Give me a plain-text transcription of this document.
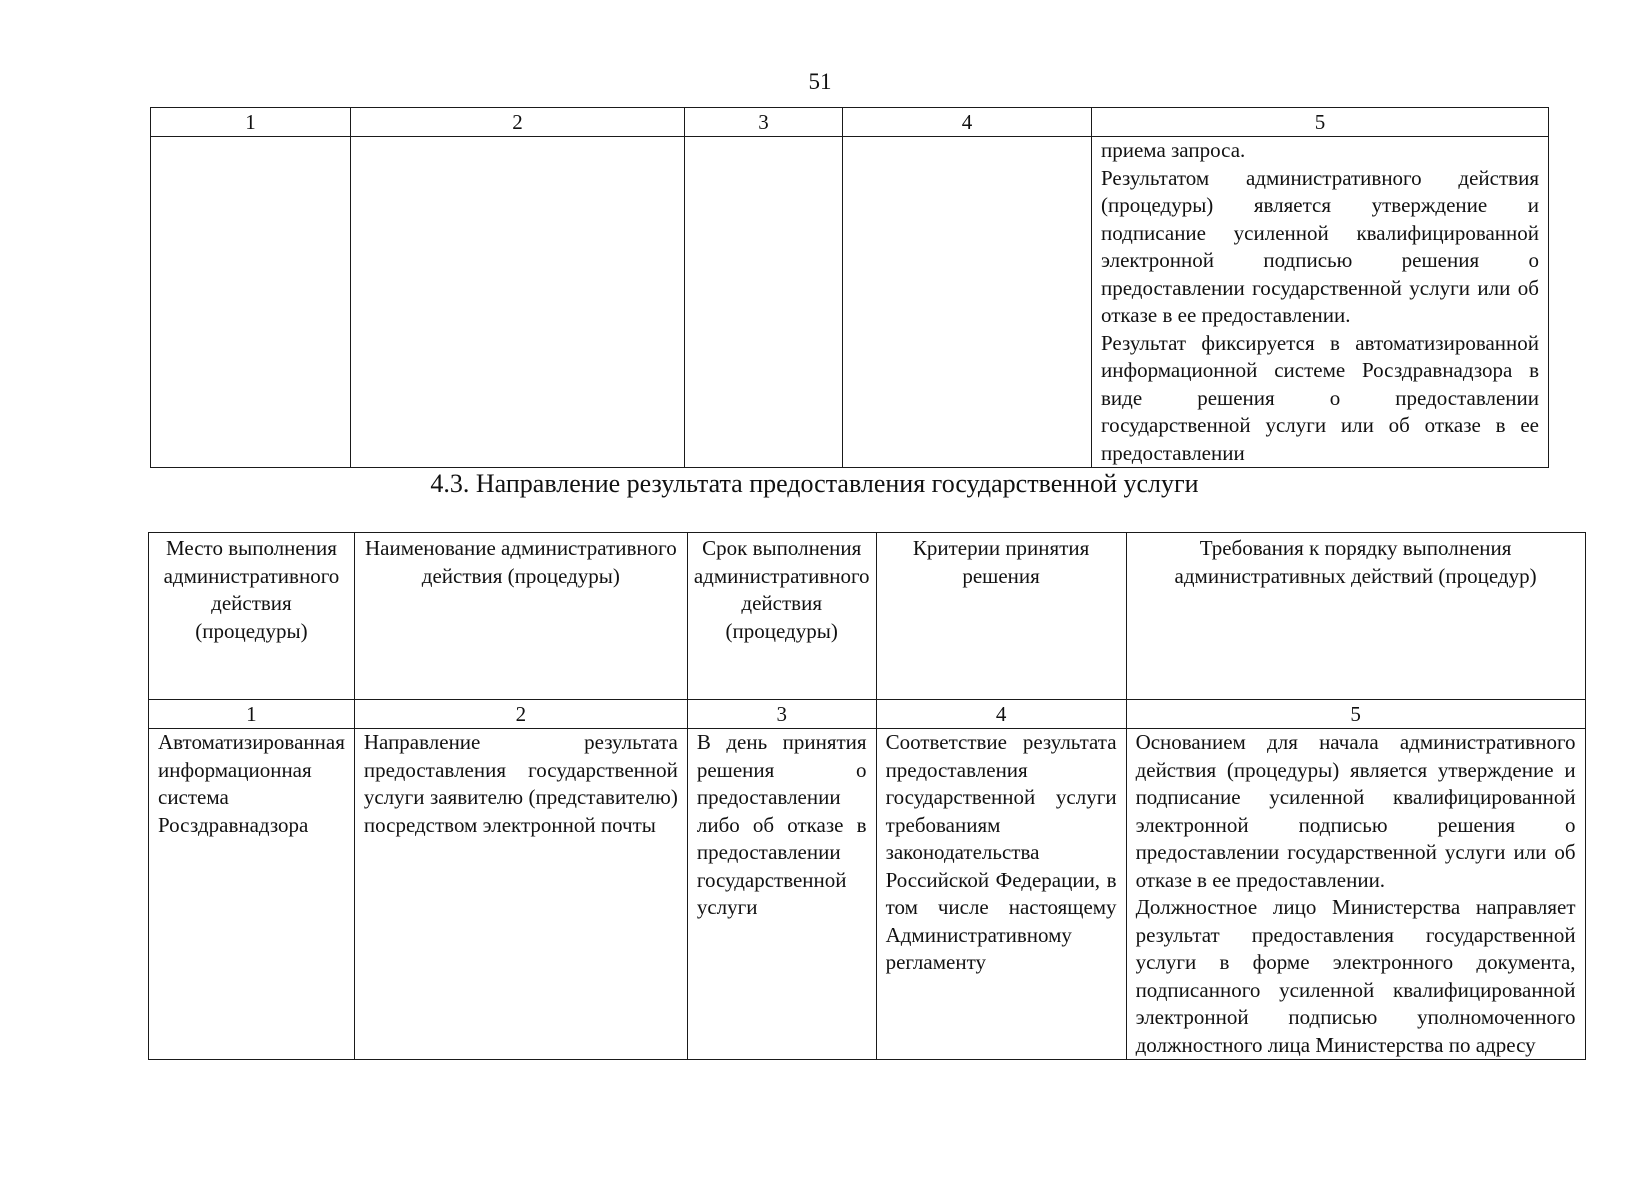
51
1	2	3	4	5

				приема запроса.

Результатом административного действия (процедуры) является утверждение и подписание усиленной квалифицированной электронной подписью решения о предоставлении государственной услуги или об отказе в ее предоставлении.

Результат фиксируется в автоматизированной информационной системе Росздравнадзора в виде решения о предоставлении государственной услуги или об отказе в ее предоставлении

4.3. Направление результата предоставления государственной услуги
Место выполнения административного действия (процедуры)	Наименование административного действия (процедуры)	Срок выполнения административного действия (процедуры)	Критерии принятия решения	Требования к порядку выполнения административных действий (процедур)
1	2	3	4	5
Автоматизированная информационная система Росздравнадзора	Направление результата предоставления государственной услуги заявителю (представителю) посредством электронной почты	В день принятия решения о предоставлении либо об отказе в предоставлении государственной услуги	Соответствие результата предоставления государственной услуги требованиям законодательства Российской Федерации, в том числе настоящему Административному регламенту	Основанием для начала административного действия (процедуры) является утверждение и подписание усиленной квалифицированной электронной подписью решения о предоставлении государственной услуги или об отказе в ее предоставлении.

Должностное лицо Министерства направляет результат предоставления государственной услуги в форме электронного документа, подписанного усиленной квалифицированной электронной подписью уполномоченного должностного лица Министерства по адресу
